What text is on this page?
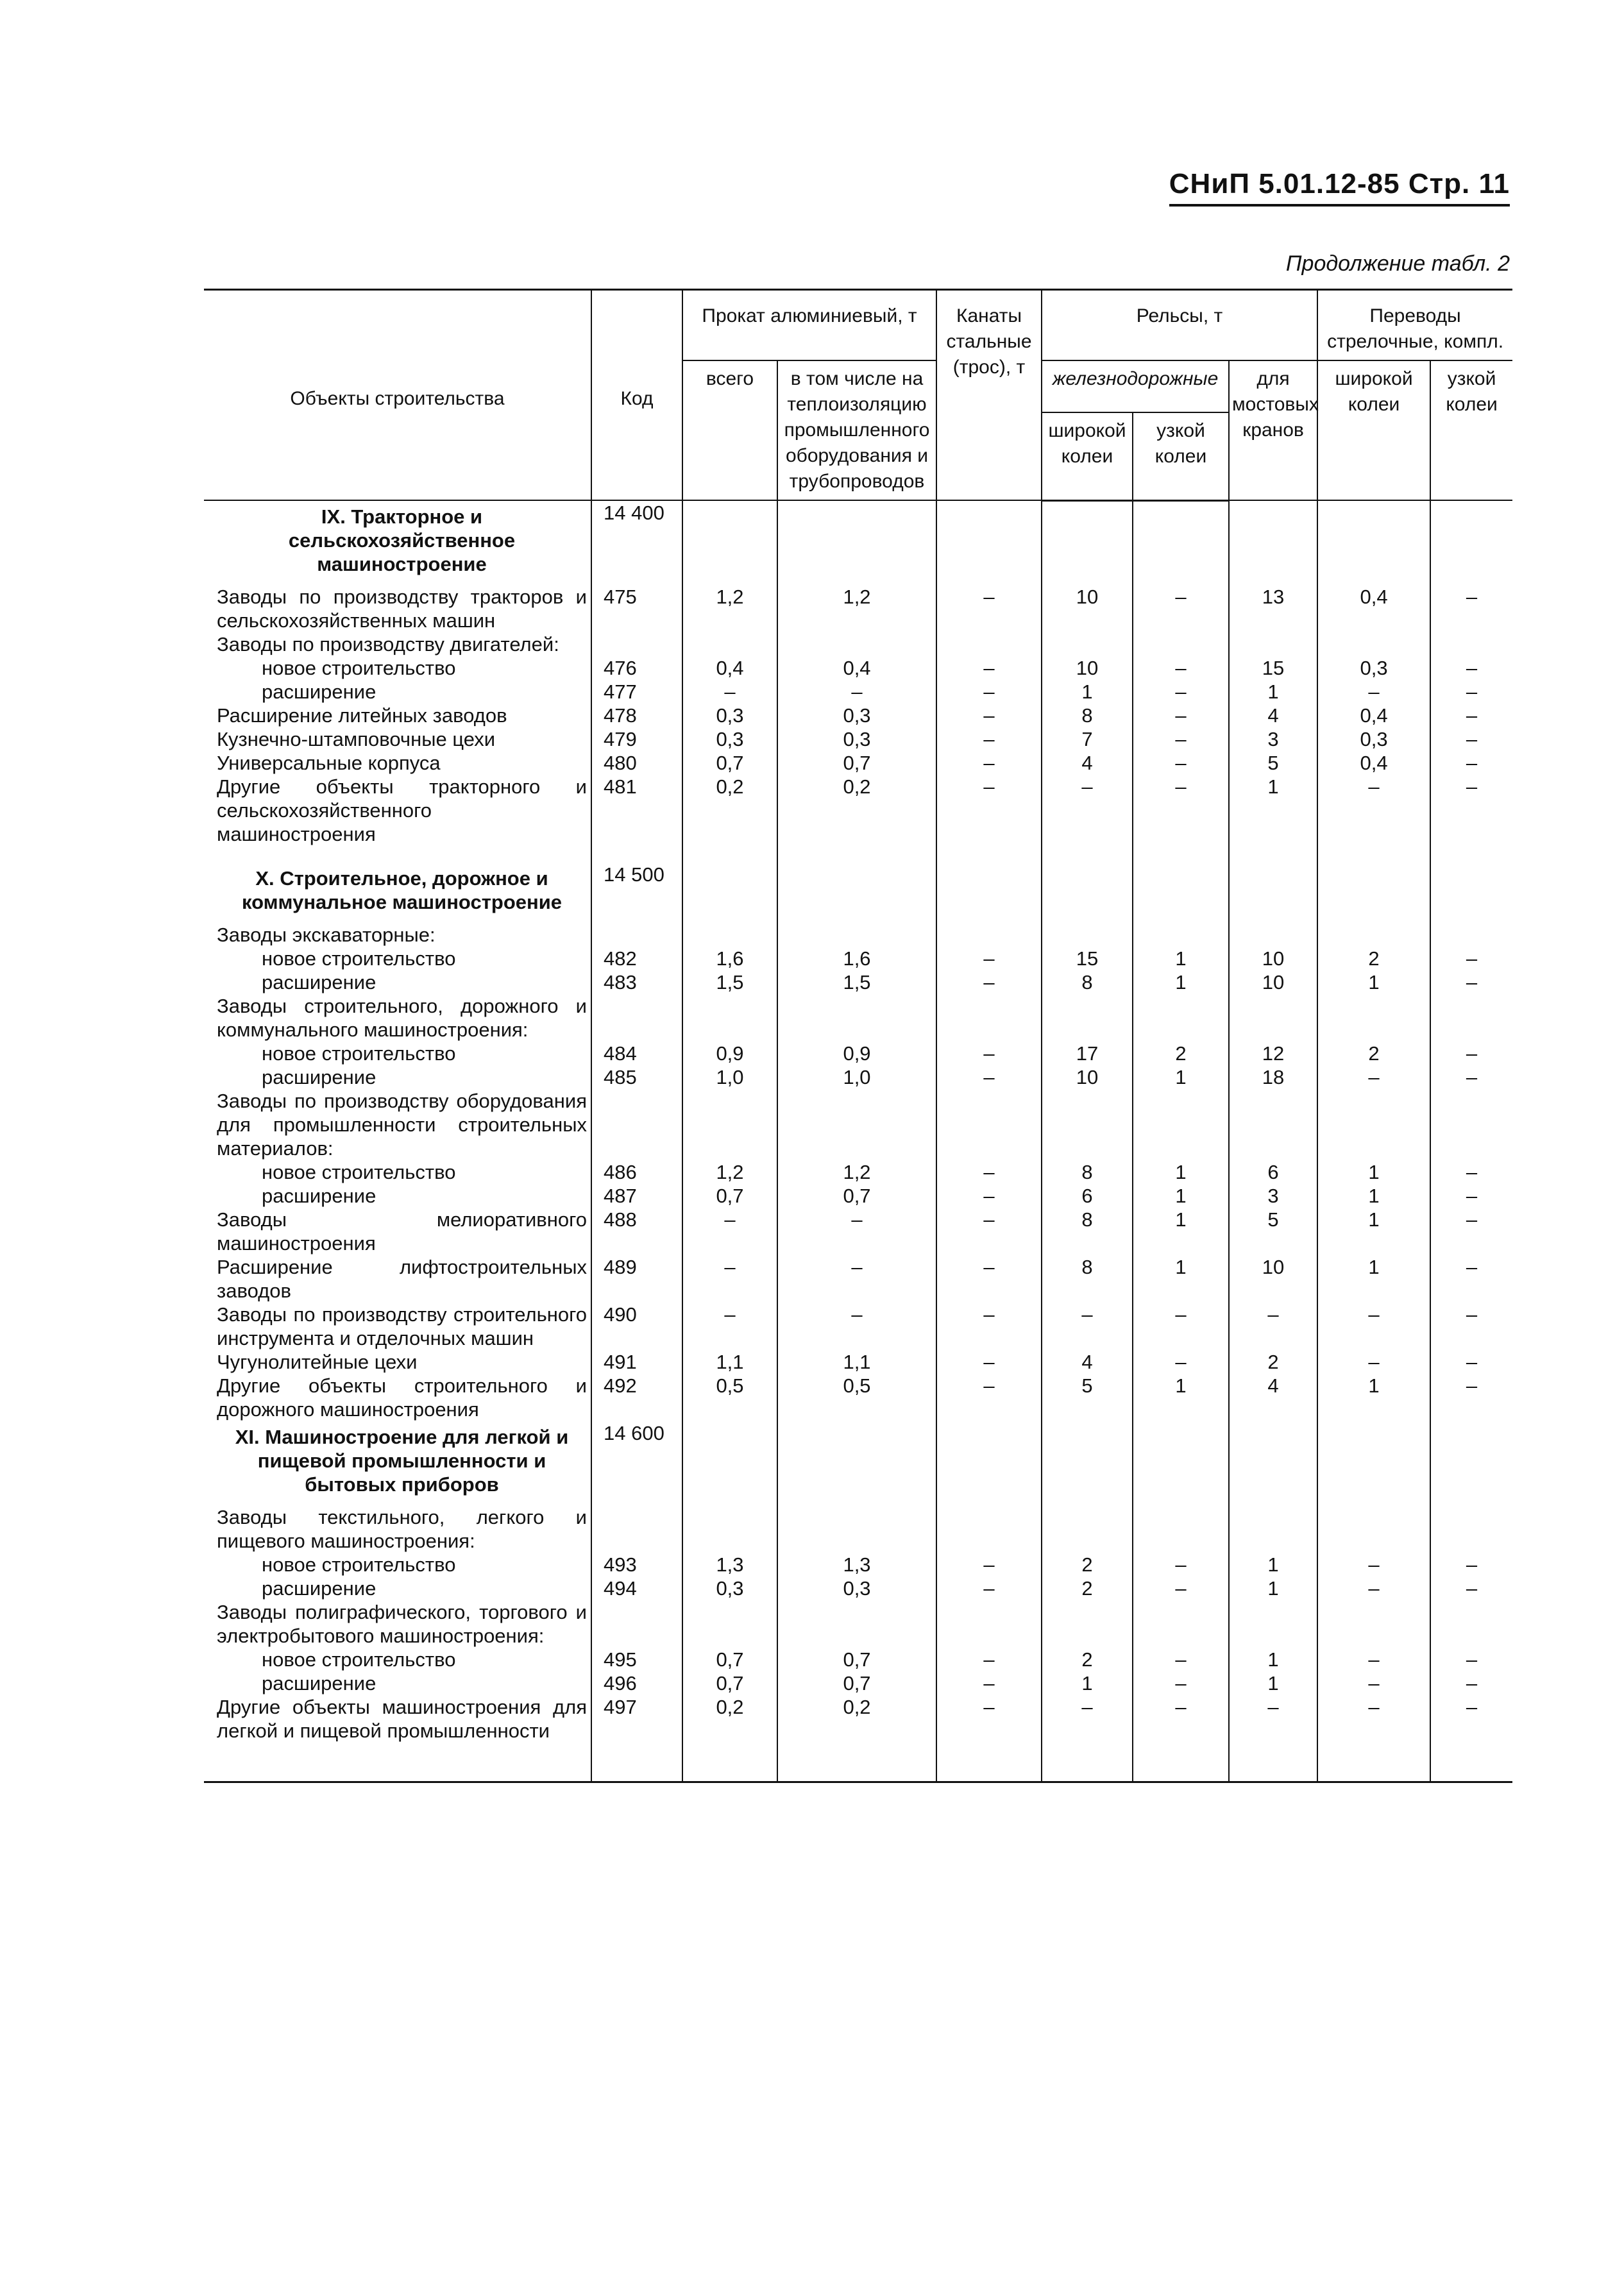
СНиП 5.01.12-85 Стр. 11
Продолжение табл. 2
Объекты строительства	Код	Прокат алюминиевый, т		Канаты стальные (трос), т	Рельсы, т			Переводы стрелочные, компл.	
		всего	в том числе на теплоизоляцию промышленного оборудования и трубопроводов		железнодорожные		для мостовых кранов	широкой колеи	узкой колеи
					широкой колеи	узкой колеи			
IX. Тракторное и сельскохозяйственное машиностроение	14 400								
Заводы по производству тракторов и сельскохозяйственных машин	475	1,2	1,2	–	10	–	13	0,4	–
Заводы по производству двигателей:									
новое строительство	476	0,4	0,4	–	10	–	15	0,3	–
расширение	477	–	–	–	1	–	1	–	–
Расширение литейных заводов	478	0,3	0,3	–	8	–	4	0,4	–
Кузнечно-штамповочные цехи	479	0,3	0,3	–	7	–	3	0,3	–
Универсальные корпуса	480	0,7	0,7	–	4	–	5	0,4	–
Другие объекты тракторного и сельскохозяйственного машиностроения	481	0,2	0,2	–	–	–	1	–	–

X. Строительное, дорожное и коммунальное машиностроение	14 500								
Заводы экскаваторные:									
новое строительство	482	1,6	1,6	–	15	1	10	2	–
расширение	483	1,5	1,5	–	8	1	10	1	–
Заводы строительного, дорожного и коммунального машиностроения:									
новое строительство	484	0,9	0,9	–	17	2	12	2	–
расширение	485	1,0	1,0	–	10	1	18	–	–
Заводы по производству оборудования для промышленности строительных материалов:									
новое строительство	486	1,2	1,2	–	8	1	6	1	–
расширение	487	0,7	0,7	–	6	1	3	1	–
Заводы мелиоративного машиностроения	488	–	–	–	8	1	5	1	–
Расширение лифтостроительных заводов	489	–	–	–	8	1	10	1	–
Заводы по производству строительного инструмента и отделочных машин	490	–	–	–	–	–	–	–	–
Чугунолитейные цехи	491	1,1	1,1	–	4	–	2	–	–
Другие объекты строительного и дорожного машиностроения	492	0,5	0,5	–	5	1	4	1	–
XI. Машиностроение для легкой и пищевой промышленности и бытовых приборов	14 600								
Заводы текстильного, легкого и пищевого машиностроения:									
новое строительство	493	1,3	1,3	–	2	–	1	–	–
расширение	494	0,3	0,3	–	2	–	1	–	–
Заводы полиграфического, торгового и электробытового машиностроения:									
новое строительство	495	0,7	0,7	–	2	–	1	–	–
расширение	496	0,7	0,7	–	1	–	1	–	–
Другие объекты машиностроения для легкой и пищевой промышленности	497	0,2	0,2	–	–	–	–	–	–
